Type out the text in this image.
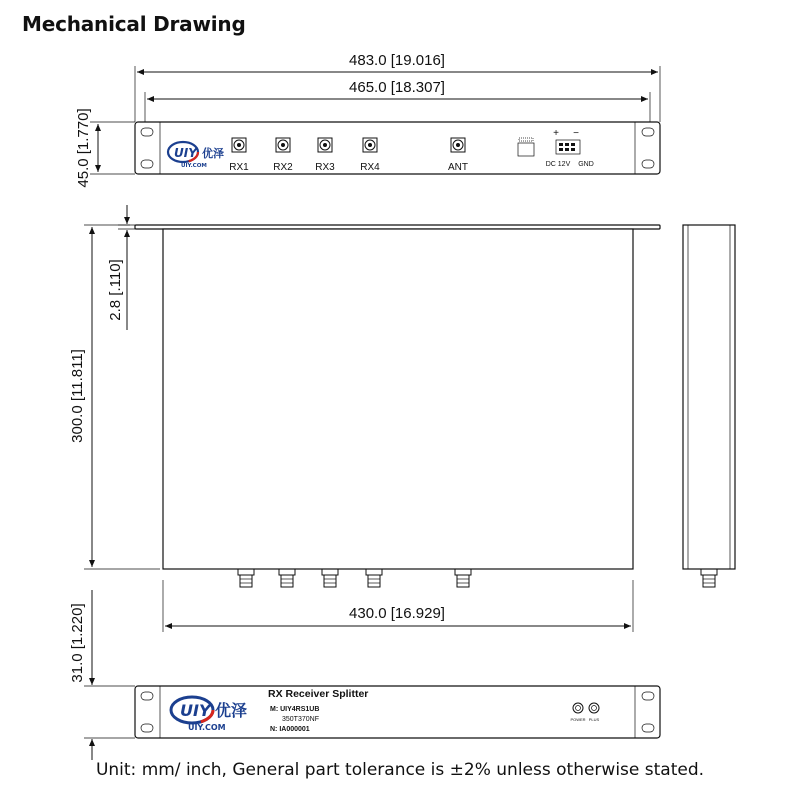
Mechanical Drawing
483.0 [19.016]
465.0 [18.307]
UIY 优泽
UIY.COM RX1 RX2 RX3	RX4	ANT
+ −
DC 12V GND
45.0 [1.770]
2.8 [.110]
300.0 [11.811]
430.0 [16.929]
UIY 优泽
UIY.COM
RX Receiver Splitter
M: UIY4RS1UB
350T370NF
N: IA000001
POWER PLUS
31.0 [1.220]
Unit: mm/ inch, General part tolerance is ±2% unless otherwise stated.
